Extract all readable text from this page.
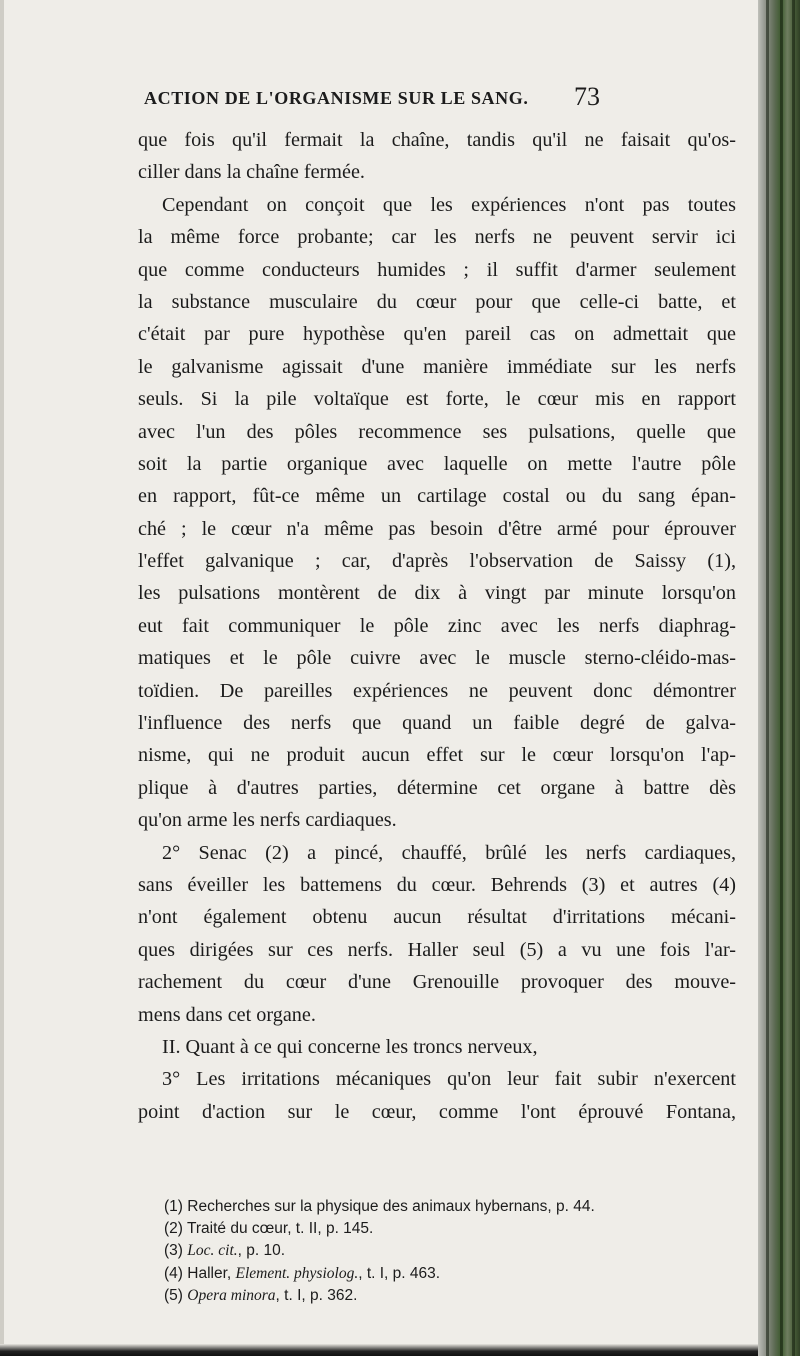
ACTION DE L'ORGANISME SUR LE SANG. 73
que fois qu'il fermait la chaîne, tandis qu'il ne faisait qu'os-
ciller dans la chaîne fermée.
Cependant on conçoit que les expériences n'ont pas toutes
la même force probante; car les nerfs ne peuvent servir ici
que comme conducteurs humides ; il suffit d'armer seulement
la substance musculaire du cœur pour que celle-ci batte, et
c'était par pure hypothèse qu'en pareil cas on admettait que
le galvanisme agissait d'une manière immédiate sur les nerfs
seuls. Si la pile voltaïque est forte, le cœur mis en rapport
avec l'un des pôles recommence ses pulsations, quelle que
soit la partie organique avec laquelle on mette l'autre pôle
en rapport, fût-ce même un cartilage costal ou du sang épan-
ché ; le cœur n'a même pas besoin d'être armé pour éprouver
l'effet galvanique ; car, d'après l'observation de Saissy (1),
les pulsations montèrent de dix à vingt par minute lorsqu'on
eut fait communiquer le pôle zinc avec les nerfs diaphrag-
matiques et le pôle cuivre avec le muscle sterno-cléido-mas-
toïdien. De pareilles expériences ne peuvent donc démontrer
l'influence des nerfs que quand un faible degré de galva-
nisme, qui ne produit aucun effet sur le cœur lorsqu'on l'ap-
plique à d'autres parties, détermine cet organe à battre dès
qu'on arme les nerfs cardiaques.
2° Senac (2) a pincé, chauffé, brûlé les nerfs cardiaques,
sans éveiller les battemens du cœur. Behrends (3) et autres (4)
n'ont également obtenu aucun résultat d'irritations mécani-
ques dirigées sur ces nerfs. Haller seul (5) a vu une fois l'ar-
rachement du cœur d'une Grenouille provoquer des mouve-
mens dans cet organe.
II. Quant à ce qui concerne les troncs nerveux,
3° Les irritations mécaniques qu'on leur fait subir n'exercent
point d'action sur le cœur, comme l'ont éprouvé Fontana,
(1) Recherches sur la physique des animaux hybernans, p. 44.
(2) Traité du cœur, t. II, p. 145.
(3) Loc. cit., p. 10.
(4) Haller, Element. physiolog., t. I, p. 463.
(5) Opera minora, t. I, p. 362.
